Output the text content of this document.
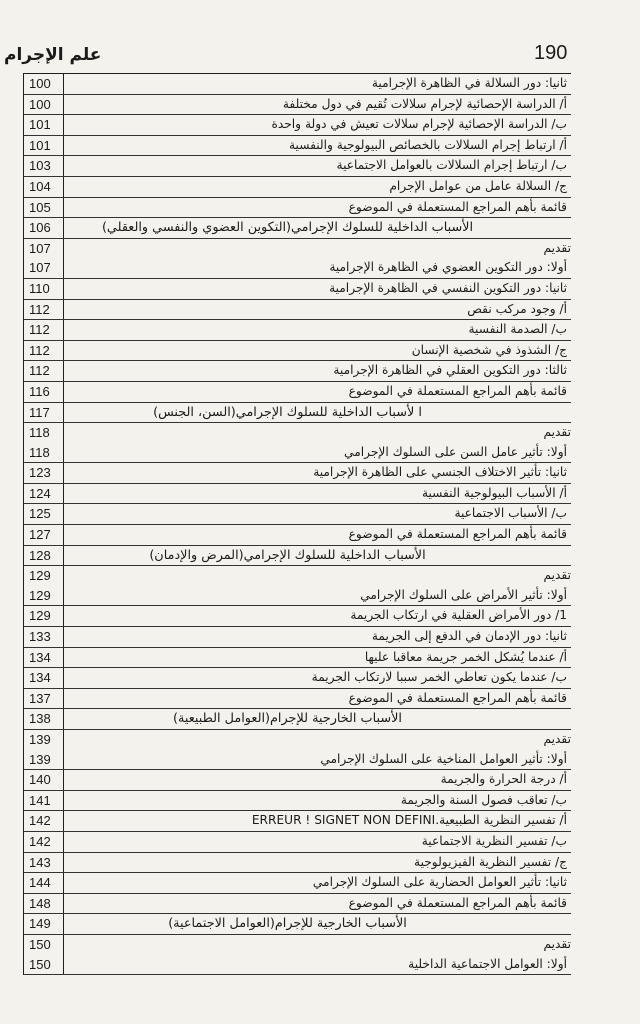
190
علم الإجرام
100	ثانيا: دور السلالة في الظاهرة الإجرامية
100	أ/ الدراسة الإحصائية لإجرام سلالات تُقيم في دول مختلفة
101	ب/ الدراسة الإحصائية لإجرام سلالات تعيش في دولة واحدة
101	أ/ ارتباط إجرام السلالات بالخصائص البيولوجية والنفسية
103	ب/ ارتباط إجرام السلالات بالعوامل الاجتماعية
104	ج/ السلالة عامل من عوامل الإجرام
105	قائمة بأهم المراجع المستعملة في الموضوع
106	الأسباب الداخلية للسلوك الإجرامي(التكوين العضوي والنفسي والعقلي)
107	تقديم
107	أولا: دور التكوين العضوي في الظاهرة الإجرامية
110	ثانيا: دور التكوين النفسي في الظاهرة الإجرامية
112	أ/ وجود مركب نقص
112	ب/ الصدمة النفسية
112	ج/ الشذوذ في شخصية الإنسان
112	ثالثا: دور التكوين العقلي في الظاهرة الإجرامية
116	قائمة بأهم المراجع المستعملة في الموضوع
117	ا لأسباب الداخلية للسلوك الإجرامي(السن، الجنس)
118	تقديم
118	أولا: تأثير عامل السن على السلوك الإجرامي
123	ثانيا: تأثير الاختلاف الجنسي على الظاهرة الإجرامية
124	أ/ الأسباب البيولوجية النفسية
125	ب/ الأسباب الاجتماعية
127	قائمة بأهم المراجع المستعملة في الموضوع
128	الأسباب الداخلية للسلوك الإجرامي(المرض والإدمان)
129	تقديم
129	أولا: تأثير الأمراض على السلوك الإجرامي
129	1/ دور الأمراض العقلية في ارتكاب الجريمة
133	ثانيا: دور الإدمان في الدفع إلى الجريمة
134	أ/ عندما يُشكل الخمر جريمة معاقبا عليها
134	ب/ عندما يكون تعاطي الخمر سببا لارتكاب الجريمة
137	قائمة بأهم المراجع المستعملة في الموضوع
138	الأسباب الخارجية للإجرام(العوامل الطبيعية)
139	تقديم
139	أولا: تأثير العوامل المناخية على السلوك الإجرامي
140	أ/ درجة الحرارة والجريمة
141	ب/ تعاقب فصول السنة والجريمة
142	أ/ تفسير النظرية الطبيعية.ERREUR ! SIGNET NON DEFINI
142	ب/ تفسير النظرية الاجتماعية
143	ج/ تفسير النظرية الفيزيولوجية
144	ثانيا: تأثير العوامل الحضارية على السلوك الإجرامي
148	قائمة بأهم المراجع المستعملة في الموضوع
149	الأسباب الخارجية للإجرام(العوامل الاجتماعية)
150	تقديم
150	أولا: العوامل الاجتماعية الداخلية
